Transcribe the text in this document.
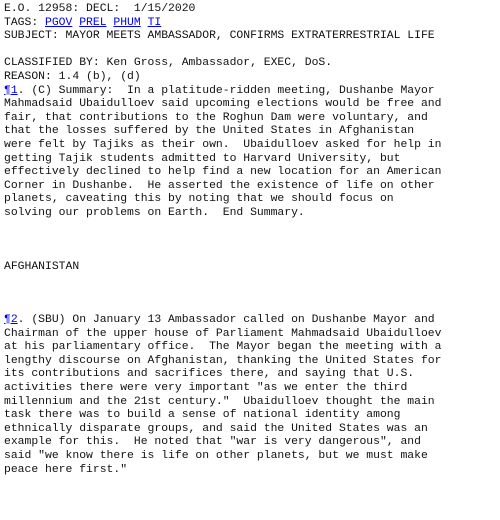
E.O. 12958: DECL:  1/15/2020

TAGS: PGOV PREL PHUM TI

SUBJECT: MAYOR MEETS AMBASSADOR, CONFIRMS EXTRATERRESTRIAL LIFE

CLASSIFIED BY: Ken Gross, Ambassador, EXEC, DoS.

REASON: 1.4 (b), (d)

¶1. (C) Summary:  In a platitude-ridden meeting, Dushanbe Mayor

Mahmadsaid Ubaidulloev said upcoming elections would be free and

fair, that contributions to the Roghun Dam were voluntary, and

that the losses suffered by the United States in Afghanistan

were felt by Tajiks as their own.  Ubaidulloev asked for help in

getting Tajik students admitted to Harvard University, but

effectively declined to help find a new location for an American

Corner in Dushanbe.  He asserted the existence of life on other

planets, caveating this by noting that we should focus on

solving our problems on Earth.  End Summary.

AFGHANISTAN

¶2. (SBU) On January 13 Ambassador called on Dushanbe Mayor and

Chairman of the upper house of Parliament Mahmadsaid Ubaidulloev

at his parliamentary office.  The Mayor began the meeting with a

lengthy discourse on Afghanistan, thanking the United States for

its contributions and sacrifices there, and saying that U.S.

activities there were very important "as we enter the third

millennium and the 21st century."  Ubaidulloev thought the main

task there was to build a sense of national identity among

ethnically disparate groups, and said the United States was an

example for this.  He noted that "war is very dangerous", and

said "we know there is life on other planets, but we must make

peace here first."
